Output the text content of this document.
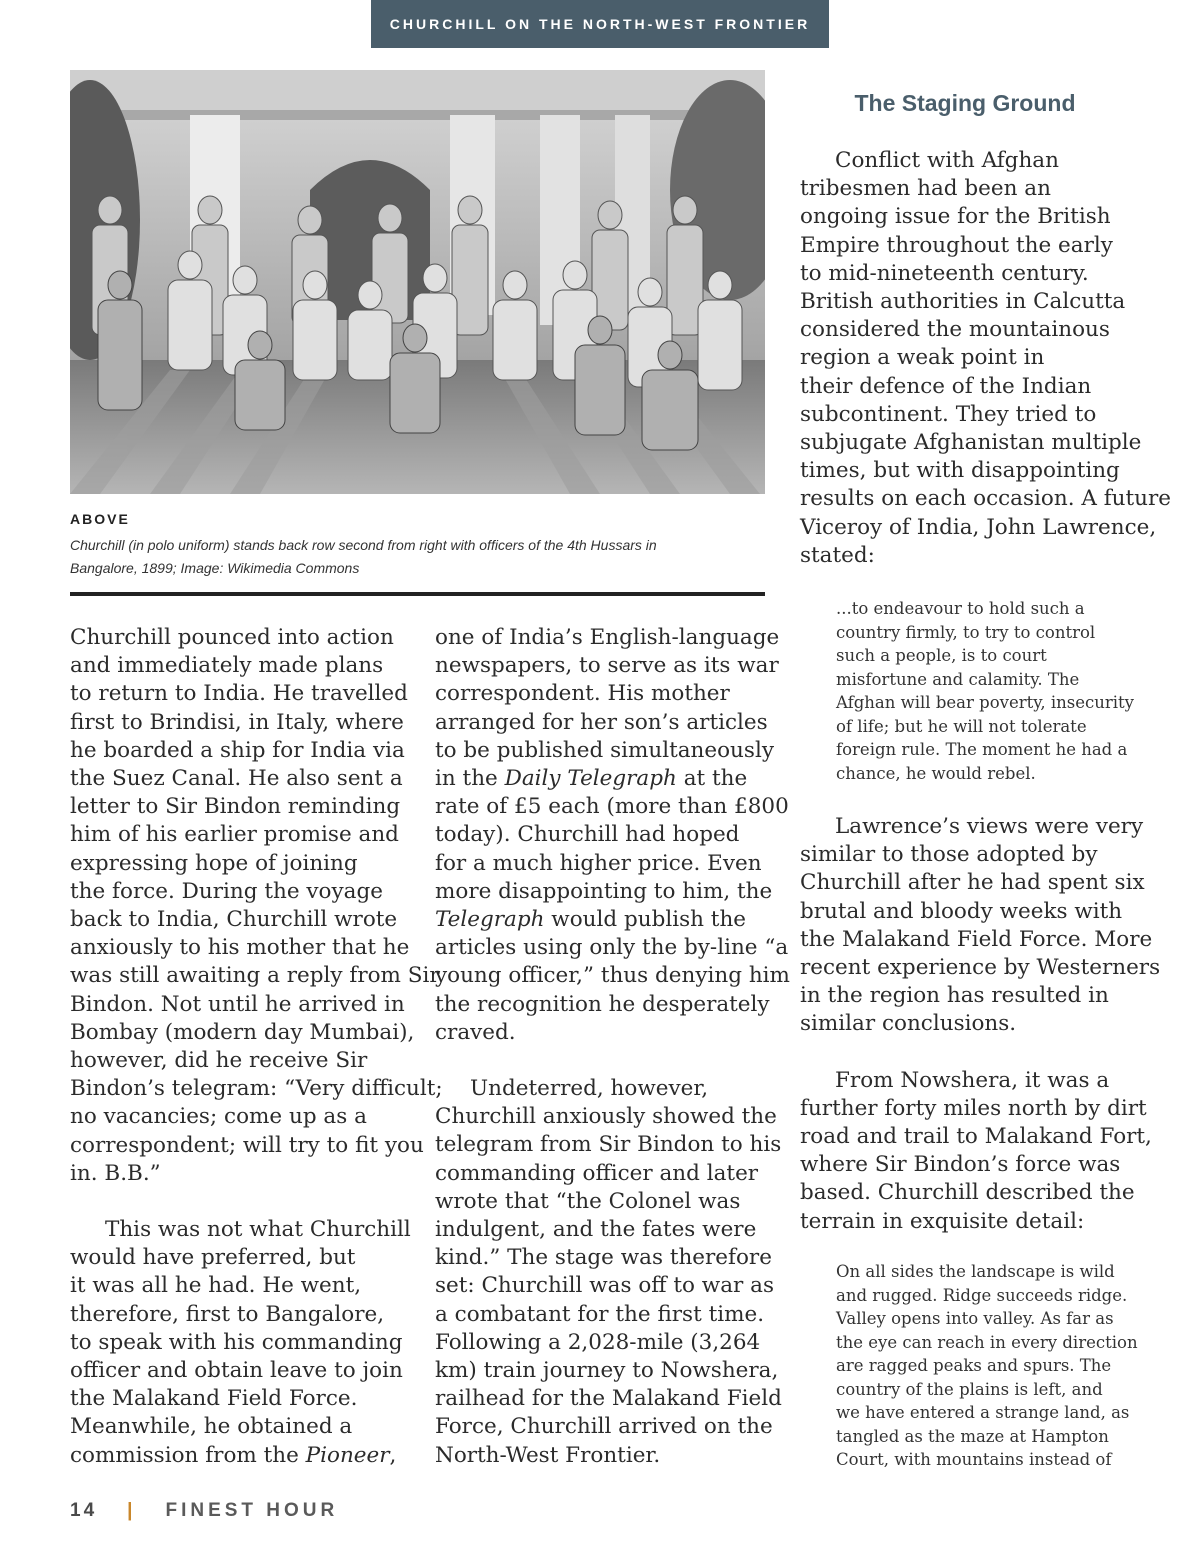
CHURCHILL ON THE NORTH-WEST FRONTIER
ABOVE
Churchill (in polo uniform) stands back row second from right with officers of the 4th Hussars in
Bangalore, 1899; Image: Wikimedia Commons

Churchill pounced into action
and immediately made plans
to return to India. He travelled
first to Brindisi, in Italy, where
he boarded a ship for India via
the Suez Canal. He also sent a
letter to Sir Bindon reminding
him of his earlier promise and
expressing hope of joining
the force. During the voyage
back to India, Churchill wrote
anxiously to his mother that he
was still awaiting a reply from Sir
Bindon. Not until he arrived in
Bombay (modern day Mumbai),
however, did he receive Sir
Bindon’s telegram: “Very difficult;
no vacancies; come up as a
correspondent; will try to fit you
in. B.B.”

This was not what Churchill
would have preferred, but
it was all he had. He went,
therefore, first to Bangalore,
to speak with his commanding
officer and obtain leave to join
the Malakand Field Force.
Meanwhile, he obtained a

commission from the Pioneer,

one of India’s English-language
newspapers, to serve as its war
correspondent. His mother
arranged for her son’s articles
to be published simultaneously
in the Daily Telegraph at the
rate of £5 each (more than £800
today). Churchill had hoped
for a much higher price. Even
more disappointing to him, the
Telegraph would publish the
articles using only the by-line “a
young officer,” thus denying him
the recognition he desperately
craved.

Undeterred, however,
Churchill anxiously showed the
telegram from Sir Bindon to his
commanding officer and later
wrote that “the Colonel was
indulgent, and the fates were
kind.” The stage was therefore
set: Churchill was off to war as
a combatant for the first time.
Following a 2,028-mile (3,264
km) train journey to Nowshera,
railhead for the Malakand Field
Force, Churchill arrived on the
North-West Frontier.

The Staging Ground

Conflict with Afghan
tribesmen had been an
ongoing issue for the British
Empire throughout the early
to mid-nineteenth century.
British authorities in Calcutta
considered the mountainous
region a weak point in
their defence of the Indian
subcontinent. They tried to
subjugate Afghanistan multiple
times, but with disappointing
results on each occasion. A future
Viceroy of India, John Lawrence,
stated:

...to endeavour to hold such a
country firmly, to try to control
such a people, is to court
misfortune and calamity. The
Afghan will bear poverty, insecurity
of life; but he will not tolerate
foreign rule. The moment he had a
chance, he would rebel.

Lawrence’s views were very
similar to those adopted by
Churchill after he had spent six
brutal and bloody weeks with
the Malakand Field Force. More
recent experience by Westerners
in the region has resulted in
similar conclusions.

From Nowshera, it was a
further forty miles north by dirt
road and trail to Malakand Fort,
where Sir Bindon’s force was
based. Churchill described the
terrain in exquisite detail:

On all sides the landscape is wild
and rugged. Ridge succeeds ridge.
Valley opens into valley. As far as
the eye can reach in every direction
are ragged peaks and spurs. The
country of the plains is left, and
we have entered a strange land, as
tangled as the maze at Hampton
Court, with mountains instead of
14 | FINEST HOUR
